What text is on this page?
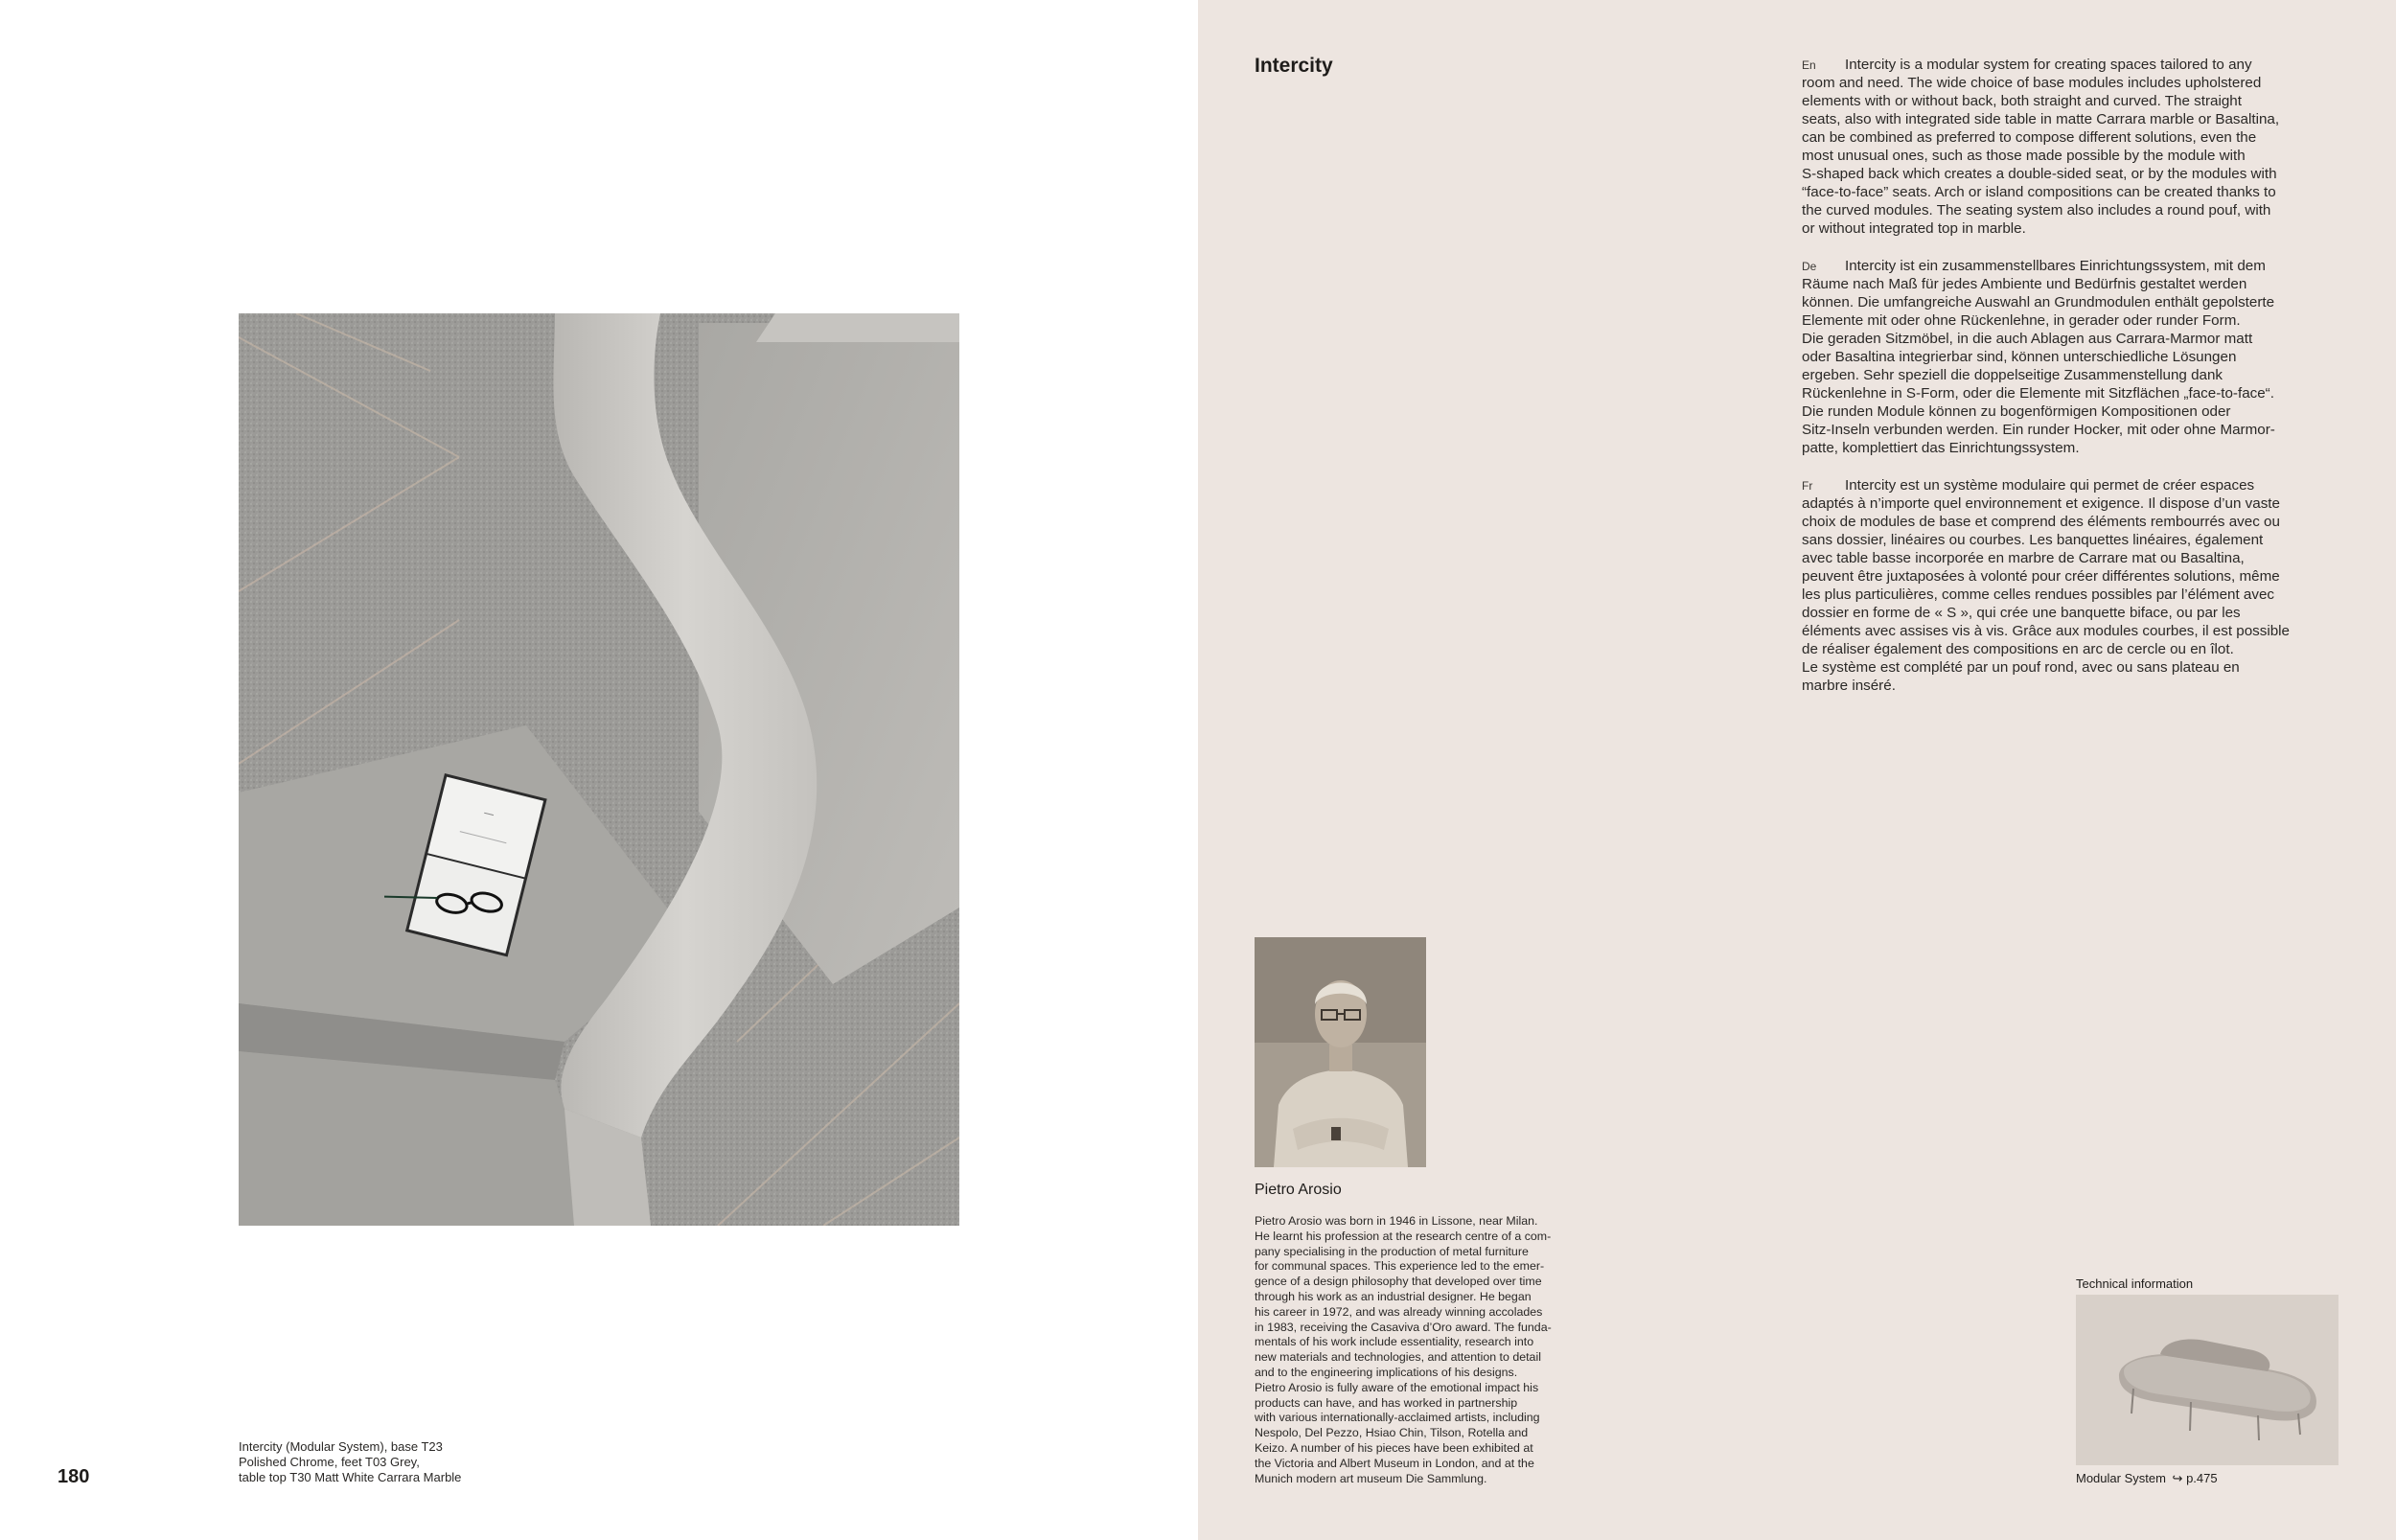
Intercity (Modular System), base T23
Polished Chrome, feet T03 Grey,
table top T30 Matt White Carrara Marble
180
Intercity	En	Intercity is a modular system for creating spaces tailored to any
room and need. The wide choice of base modules includes upholstered
elements with or without back, both straight and curved. The straight
seats, also with integrated side table in matte Carrara marble or Basaltina,
can be combined as preferred to compose different solutions, even the
most unusual ones, such as those made possible by the module with
S-shaped back which creates a double-sided seat, or by the modules with
“face-to-face” seats. Arch or island compositions can be created thanks to
the curved modules. The seating system also includes a round pouf, with
or without integrated top in marble.
De	Intercity ist ein zusammenstellbares Einrichtungssystem, mit dem
Räume nach Maß für jedes Ambiente und Bedürfnis gestaltet werden
können. Die umfangreiche Auswahl an Grundmodulen enthält gepolsterte
Elemente mit oder ohne Rückenlehne, in gerader oder runder Form.
Die geraden Sitzmöbel, in die auch Ablagen aus Carrara-Marmor matt
oder Basaltina integrierbar sind, können unterschiedliche Lösungen
ergeben. Sehr speziell die doppelseitige Zusammenstellung dank
Rückenlehne in S-Form, oder die Elemente mit Sitzflächen „face-to-face“.
Die runden Module können zu bogenförmigen Kompositionen oder
Sitz-Inseln verbunden werden. Ein runder Hocker, mit oder ohne Marmor-
patte, komplettiert das Einrichtungssystem.
Fr	Intercity est un système modulaire qui permet de créer espaces
adaptés à n’importe quel environnement et exigence. Il dispose d’un vaste
choix de modules de base et comprend des éléments rembourrés avec ou
sans dossier, linéaires ou courbes. Les banquettes linéaires, également
avec table basse incorporée en marbre de Carrare mat ou Basaltina,
peuvent être juxtaposées à volonté pour créer différentes solutions, même
les plus particulières, comme celles rendues possibles par l’élément avec
dossier en forme de « S », qui crée une banquette biface, ou par les
éléments avec assises vis à vis. Grâce aux modules courbes, il est possible
de réaliser également des compositions en arc de cercle ou en îlot.
Le système est complété par un pouf rond, avec ou sans plateau en
marbre inséré.
Pietro Arosio
Pietro Arosio was born in 1946 in Lissone, near Milan.
He learnt his profession at the research centre of a com-
pany specialising in the production of metal furniture
for communal spaces. This experience led to the emer-
gence of a design philosophy that developed over time
through his work as an industrial designer. He began
his career in 1972, and was already winning accolades
in 1983, receiving the Casaviva d’Oro award. The funda-
mentals of his work include essentiality, research into
new materials and technologies, and attention to detail
and to the engineering implications of his designs.
Pietro Arosio is fully aware of the emotional impact his
products can have, and has worked in partnership
with various internationally-acclaimed artists, including
Nespolo, Del Pezzo, Hsiao Chin, Tilson, Rotella and
Keizo. A number of his pieces have been exhibited at
the Victoria and Albert Museum in London, and at the
Munich modern art museum Die Sammlung.
Technical information
Modular System ↪ p.475
